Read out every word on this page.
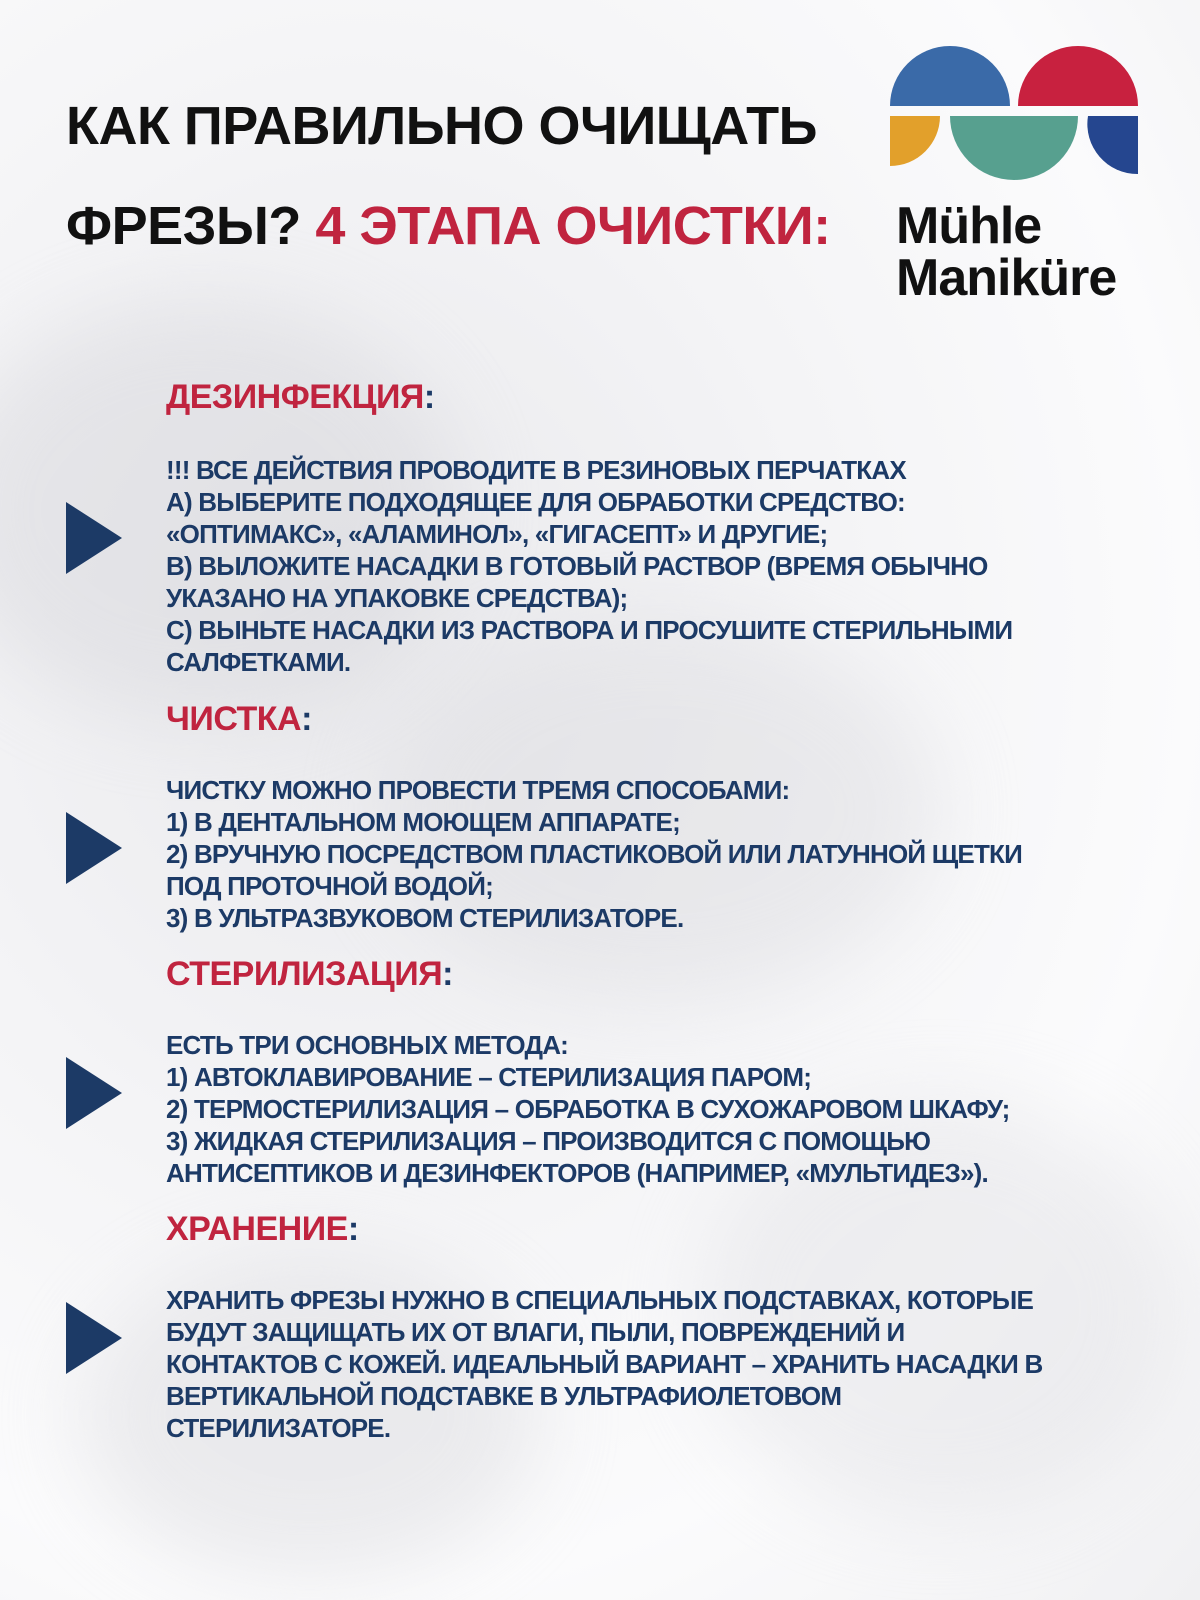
КАК ПРАВИЛЬНО ОЧИЩАТЬ
ФРЕЗЫ? 4 ЭТАПА ОЧИСТКИ:	Mühle
Maniküre
ДЕЗИНФЕКЦИЯ:

!!! ВСЕ ДЕЙСТВИЯ ПРОВОДИТЕ В РЕЗИНОВЫХ ПЕРЧАТКАХ

А) ВЫБЕРИТЕ ПОДХОДЯЩЕЕ ДЛЯ ОБРАБОТКИ СРЕДСТВО:

«ОПТИМАКС», «АЛАМИНОЛ», «ГИГАСЕПТ» И ДРУГИЕ;

В) ВЫЛОЖИТЕ НАСАДКИ В ГОТОВЫЙ РАСТВОР (ВРЕМЯ ОБЫЧНО

УКАЗАНО НА УПАКОВКЕ СРЕДСТВА);

С) ВЫНЬТЕ НАСАДКИ ИЗ РАСТВОРА И ПРОСУШИТЕ СТЕРИЛЬНЫМИ

САЛФЕТКАМИ.

ЧИСТКА:

ЧИСТКУ МОЖНО ПРОВЕСТИ ТРЕМЯ СПОСОБАМИ:

1) В ДЕНТАЛЬНОМ МОЮЩЕМ АППАРАТЕ;

2) ВРУЧНУЮ ПОСРЕДСТВОМ ПЛАСТИКОВОЙ ИЛИ ЛАТУННОЙ ЩЕТКИ

ПОД ПРОТОЧНОЙ ВОДОЙ;

3) В УЛЬТРАЗВУКОВОМ СТЕРИЛИЗАТОРЕ.

СТЕРИЛИЗАЦИЯ:

ЕСТЬ ТРИ ОСНОВНЫХ МЕТОДА:

1) АВТОКЛАВИРОВАНИЕ – СТЕРИЛИЗАЦИЯ ПАРОМ;

2) ТЕРМОСТЕРИЛИЗАЦИЯ – ОБРАБОТКА В СУХОЖАРОВОМ ШКАФУ;

3) ЖИДКАЯ СТЕРИЛИЗАЦИЯ – ПРОИЗВОДИТСЯ С ПОМОЩЬЮ

АНТИСЕПТИКОВ И ДЕЗИНФЕКТОРОВ (НАПРИМЕР, «МУЛЬТИДЕЗ»).

ХРАНЕНИЕ:

ХРАНИТЬ ФРЕЗЫ НУЖНО В СПЕЦИАЛЬНЫХ ПОДСТАВКАХ, КОТОРЫЕ

БУДУТ ЗАЩИЩАТЬ ИХ ОТ ВЛАГИ, ПЫЛИ, ПОВРЕЖДЕНИЙ И

КОНТАКТОВ С КОЖЕЙ. ИДЕАЛЬНЫЙ ВАРИАНТ – ХРАНИТЬ НАСАДКИ В

ВЕРТИКАЛЬНОЙ ПОДСТАВКЕ В УЛЬТРАФИОЛЕТОВОМ

СТЕРИЛИЗАТОРЕ.
